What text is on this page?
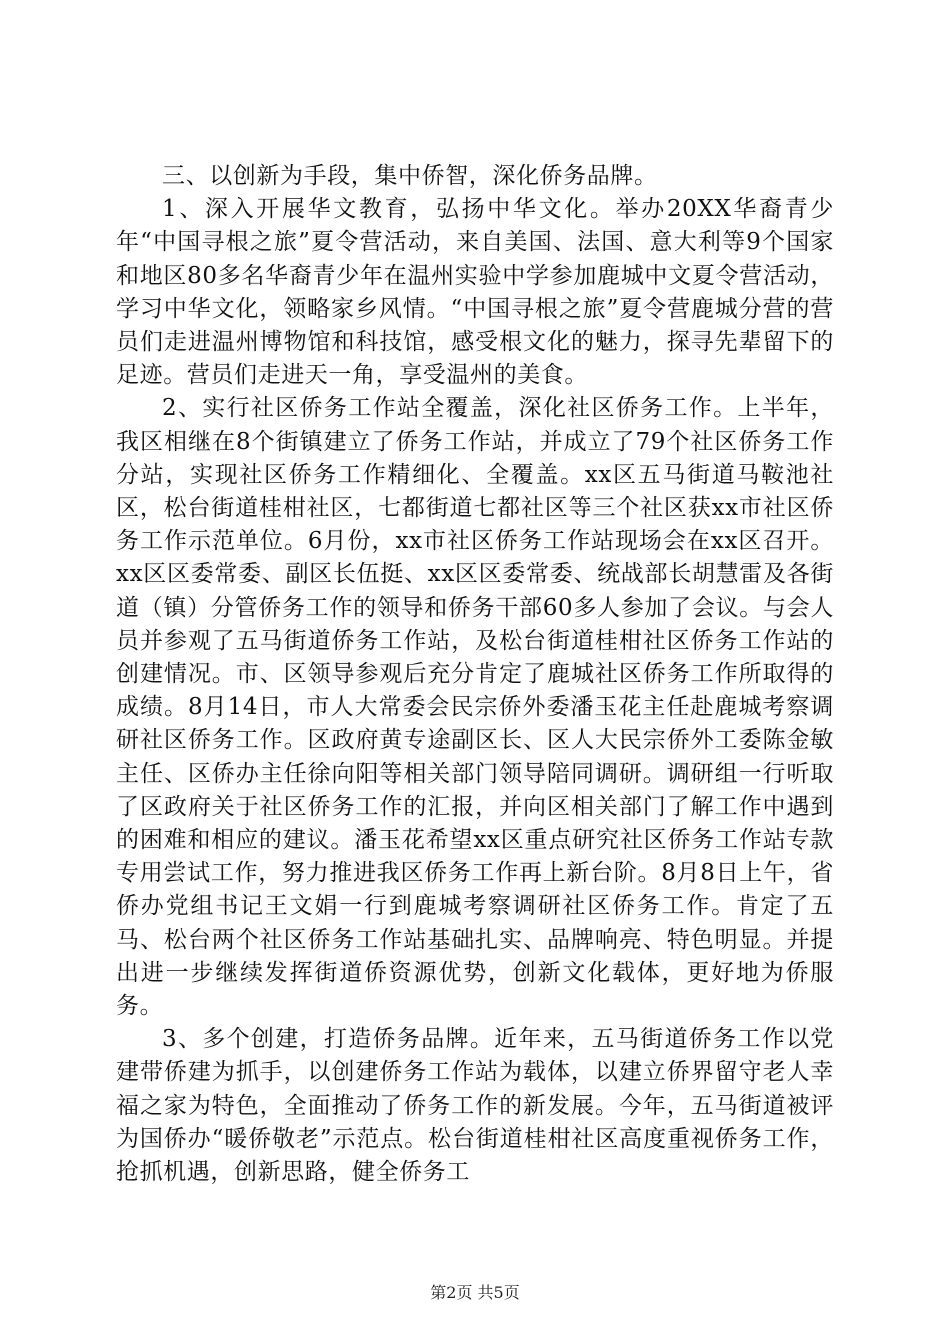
三、以创新为手段，集中侨智，深化侨务品牌。

1、深入开展华文教育，弘扬中华文化。举办20XX华裔青少年“中国寻根之旅”夏令营活动，来自美国、法国、意大利等9个国家和地区80多名华裔青少年在温州实验中学参加鹿城中文夏令营活动，学习中华文化，领略家乡风情。“中国寻根之旅”夏令营鹿城分营的营员们走进温州博物馆和科技馆，感受根文化的魅力，探寻先辈留下的足迹。营员们走进天一角，享受温州的美食。

2、实行社区侨务工作站全覆盖，深化社区侨务工作。上半年，我区相继在8个街镇建立了侨务工作站，并成立了79个社区侨务工作分站，实现社区侨务工作精细化、全覆盖。xx区五马街道马鞍池社区，松台街道桂柑社区，七都街道七都社区等三个社区获xx市社区侨务工作示范单位。6月份，xx市社区侨务工作站现场会在xx区召开。xx区区委常委、副区长伍挺、xx区区委常委、统战部长胡慧雷及各街道（镇）分管侨务工作的领导和侨务干部60多人参加了会议。与会人员并参观了五马街道侨务工作站，及松台街道桂柑社区侨务工作站的创建情况。市、区领导参观后充分肯定了鹿城社区侨务工作所取得的成绩。8月14日，市人大常委会民宗侨外委潘玉花主任赴鹿城考察调研社区侨务工作。区政府黄专途副区长、区人大民宗侨外工委陈金敏主任、区侨办主任徐向阳等相关部门领导陪同调研。调研组一行听取了区政府关于社区侨务工作的汇报，并向区相关部门了解工作中遇到的困难和相应的建议。潘玉花希望xx区重点研究社区侨务工作站专款专用尝试工作，努力推进我区侨务工作再上新台阶。8月8日上午，省侨办党组书记王文娟一行到鹿城考察调研社区侨务工作。肯定了五马、松台两个社区侨务工作站基础扎实、品牌响亮、特色明显。并提出进一步继续发挥街道侨资源优势，创新文化载体，更好地为侨服务。

3、多个创建，打造侨务品牌。近年来，五马街道侨务工作以党建带侨建为抓手，以创建侨务工作站为载体，以建立侨界留守老人幸福之家为特色，全面推动了侨务工作的新发展。今年，五马街道被评为国侨办“暖侨敬老”示范点。松台街道桂柑社区高度重视侨务工作，抢抓机遇，创新思路，健全侨务工

第2页 共5页
